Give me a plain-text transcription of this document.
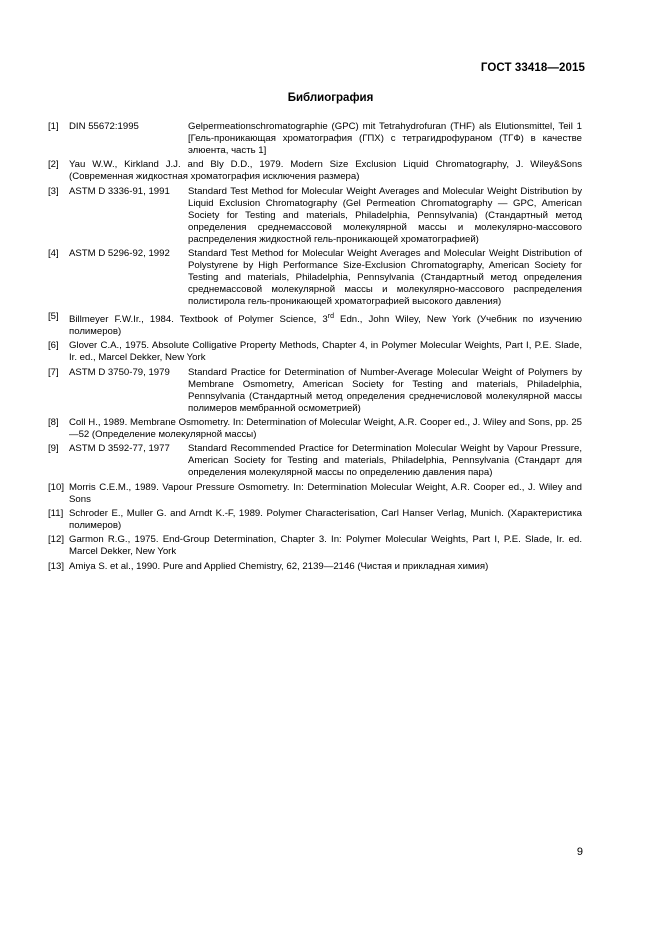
ГОСТ 33418—2015
Библиография
[1] DIN 55672:1995	Gelpermeationschromatographie (GPC) mit Tetrahydrofuran (THF) als Elutionsmittel, Teil 1 [Гель-проникающая хроматография (ГПХ) с тетрагидрофураном (ТГФ) в качестве элюента, часть 1]
[2] Yau W.W., Kirkland J.J. and Bly D.D., 1979. Modern Size Exclusion Liquid Chromatography, J. Wiley&Sons (Современная жидкостная хроматография исключения размера)
[3] ASTM D 3336-91, 1991 Standard Test Method for Molecular Weight Averages and Molecular Weight Distribution by Liquid Exclusion Chromatography (Gel Permeation Chromatography — GPC, American Society for Testing and materials, Philadelphia, Pennsylvania) (Стандартный метод определения среднемассовой молекулярной массы и молекулярно-массового распределения жидкостной гель-проникающей хроматографией)
[4] ASTM D 5296-92, 1992 Standard Test Method for Molecular Weight Averages and Molecular Weight Distribution of Polystyrene by High Performance Size-Exclusion Chromatography, American Society for Testing and materials, Philadelphia, Pennsylvania (Стандартный метод определения среднемассовой молекулярной массы и молекулярно-массового распределения полистирола гель-проникающей хроматографией высокого давления)
[5] Billmeyer F.W.Ir., 1984. Textbook of Polymer Science, 3rd Edn., John Wiley, New York (Учебник по изучению полимеров)
[6] Glover C.A., 1975. Absolute Colligative Property Methods, Chapter 4, in Polymer Molecular Weights, Part I, P.E. Slade, Ir. ed., Marcel Dekker, New York
[7] ASTM D 3750-79, 1979 Standard Practice for Determination of Number-Average Molecular Weight of Polymers by Membrane Osmometry, American Society for Testing and materials, Philadelphia, Pennsylvania (Стандартный метод определения среднечисловой молекулярной массы полимеров мембранной осмометрией)
[8] Coll H., 1989. Membrane Osmometry. In: Determination of Molecular Weight, A.R. Cooper ed., J. Wiley and Sons, pp. 25—52 (Определение молекулярной массы)
[9] ASTM D 3592-77, 1977 Standard Recommended Practice for Determination Molecular Weight by Vapour Pressure, American Society for Testing and materials, Philadelphia, Pennsylvania (Стандарт для определения молекулярной массы по определению давления пара)
[10] Morris C.E.M., 1989. Vapour Pressure Osmometry. In: Determination Molecular Weight, A.R. Cooper ed., J. Wiley and Sons
[11] Schroder E., Muller G. and Arndt K.-F, 1989. Polymer Characterisation, Carl Hanser Verlag, Munich. (Характеристика полимеров)
[12] Garmon R.G., 1975. End-Group Determination, Chapter 3. In: Polymer Molecular Weights, Part I, P.E. Slade, Ir. ed. Marcel Dekker, New York
[13] Amiya S. et al., 1990. Pure and Applied Chemistry, 62, 2139—2146 (Чистая и прикладная химия)
9
